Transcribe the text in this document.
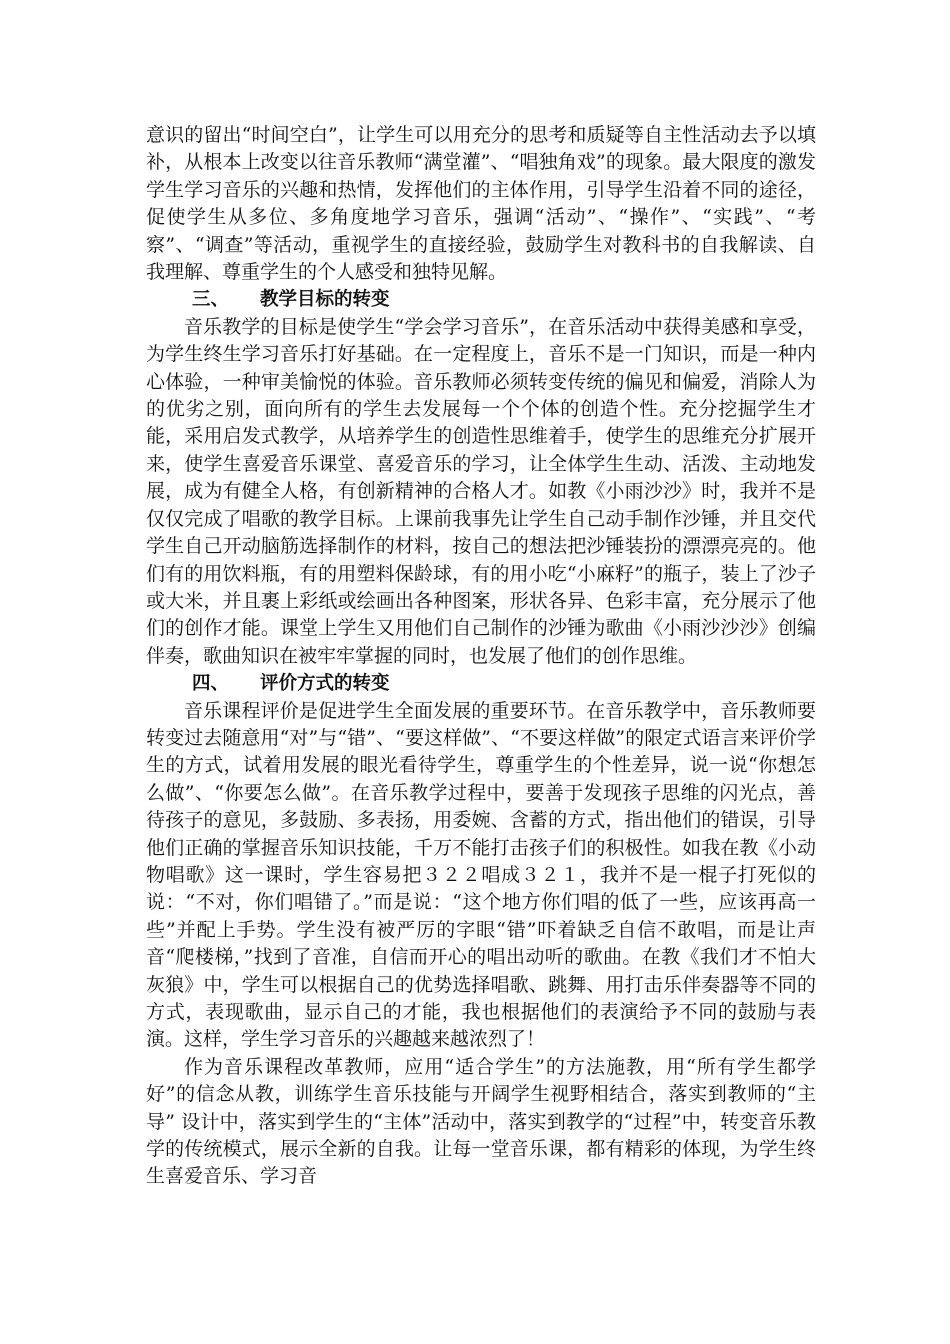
意识的留出“时间空白”，让学生可以用充分的思考和质疑等自主性活动去予以填补，从根本上改变以往音乐教师“满堂灌”、“唱独角戏”的现象。最大限度的激发学生学习音乐的兴趣和热情，发挥他们的主体作用，引导学生沿着不同的途径，促使学生从多位、多角度地学习音乐，强调“活动”、“操作”、“实践”、“考察”、“调查”等活动，重视学生的直接经验，鼓励学生对教科书的自我解读、自我理解、尊重学生的个人感受和独特见解。

三、 教学目标的转变

音乐教学的目标是使学生“学会学习音乐”，在音乐活动中获得美感和享受，为学生终生学习音乐打好基础。在一定程度上，音乐不是一门知识，而是一种内心体验，一种审美愉悦的体验。音乐教师必须转变传统的偏见和偏爱，消除人为的优劣之别，面向所有的学生去发展每一个个体的创造个性。充分挖掘学生才能，采用启发式教学，从培养学生的创造性思维着手，使学生的思维充分扩展开来，使学生喜爱音乐课堂、喜爱音乐的学习，让全体学生生动、活泼、主动地发展，成为有健全人格，有创新精神的合格人才。如教《小雨沙沙》时，我并不是仅仅完成了唱歌的教学目标。上课前我事先让学生自己动手制作沙锤，并且交代学生自己开动脑筋选择制作的材料，按自己的想法把沙锤装扮的漂漂亮亮的。他们有的用饮料瓶，有的用塑料保龄球，有的用小吃“小麻籽”的瓶子，装上了沙子或大米，并且裹上彩纸或绘画出各种图案，形状各异、色彩丰富，充分展示了他们的创作才能。课堂上学生又用他们自己制作的沙锤为歌曲《小雨沙沙沙》创编伴奏，歌曲知识在被牢牢掌握的同时，也发展了他们的创作思维。

四、 评价方式的转变

音乐课程评价是促进学生全面发展的重要环节。在音乐教学中，音乐教师要转变过去随意用“对”与“错”、“要这样做”、“不要这样做”的限定式语言来评价学生的方式，试着用发展的眼光看待学生，尊重学生的个性差异，说一说“你想怎么做”、“你要怎么做”。在音乐教学过程中，要善于发现孩子思维的闪光点，善待孩子的意见，多鼓励、多表扬，用委婉、含蓄的方式，指出他们的错误，引导他们正确的掌握音乐知识技能，千万不能打击孩子们的积极性。如我在教《小动物唱歌》这一课时，学生容易把３２２唱成３２１，我并不是一棍子打死似的说：“不对，你们唱错了。”而是说：“这个地方你们唱的低了一些，应该再高一些”并配上手势。学生没有被严厉的字眼“错”吓着缺乏自信不敢唱，而是让声音“爬楼梯，”找到了音准，自信而开心的唱出动听的歌曲。在教《我们才不怕大灰狼》中，学生可以根据自己的优势选择唱歌、跳舞、用打击乐伴奏器等不同的方式，表现歌曲，显示自己的才能，我也根据他们的表演给予不同的鼓励与表演。这样，学生学习音乐的兴趣越来越浓烈了！

作为音乐课程改革教师，应用“适合学生”的方法施教，用“所有学生都学好”的信念从教，训练学生音乐技能与开阔学生视野相结合，落实到教师的“主导” 设计中，落实到学生的“主体”活动中，落实到教学的“过程”中，转变音乐教学的传统模式，展示全新的自我。让每一堂音乐课，都有精彩的体现，为学生终生喜爱音乐、学习音
